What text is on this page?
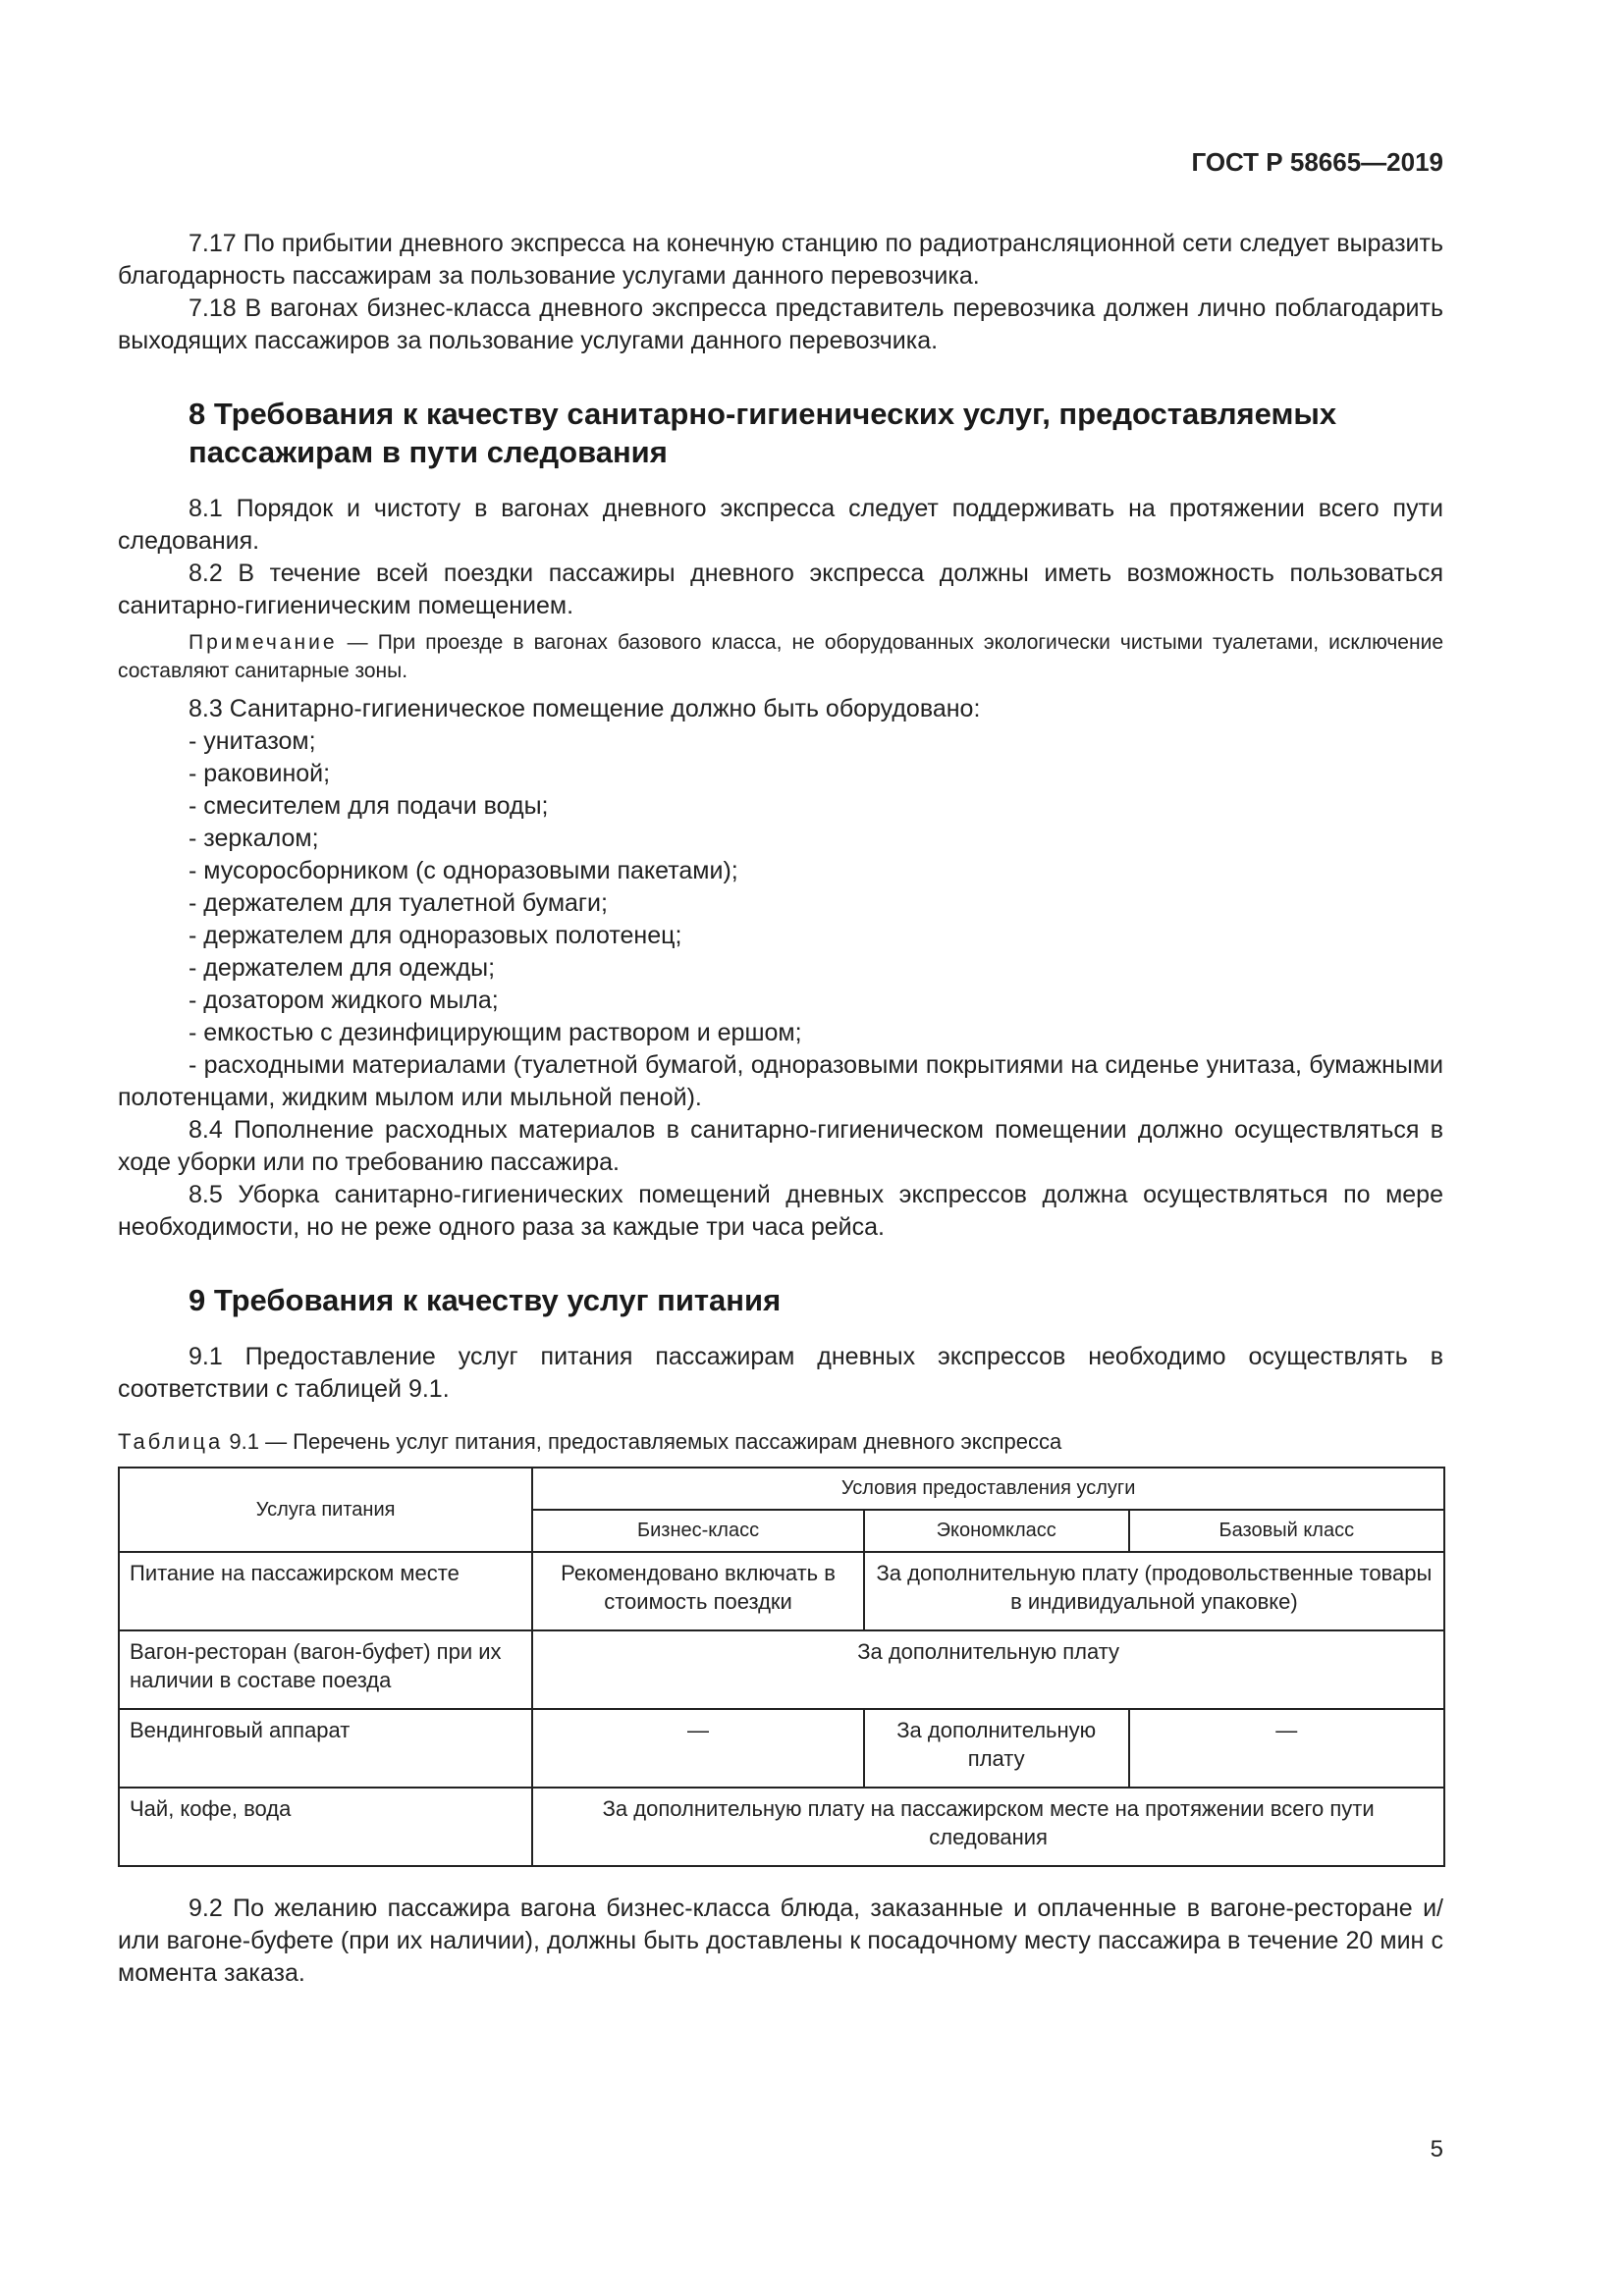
ГОСТ Р 58665—2019

7.17 По прибытии дневного экспресса на конечную станцию по радиотрансляционной сети следует выразить благодарность пассажирам за пользование услугами данного перевозчика.

7.18 В вагонах бизнес-класса дневного экспресса представитель перевозчика должен лично поблагодарить выходящих пассажиров за пользование услугами данного перевозчика.

8 Требования к качеству санитарно-гигиенических услуг, предоставляемых пассажирам в пути следования

8.1 Порядок и чистоту в вагонах дневного экспресса следует поддерживать на протяжении всего пути следования.

8.2 В течение всей поездки пассажиры дневного экспресса должны иметь возможность пользоваться санитарно-гигиеническим помещением.

Примечание — При проезде в вагонах базового класса, не оборудованных экологически чистыми туалетами, исключение составляют санитарные зоны.

8.3 Санитарно-гигиеническое помещение должно быть оборудовано:

- унитазом;

- раковиной;

- смесителем для подачи воды;

- зеркалом;

- мусоросборником (с одноразовыми пакетами);

- держателем для туалетной бумаги;

- держателем для одноразовых полотенец;

- держателем для одежды;

- дозатором жидкого мыла;

- емкостью с дезинфицирующим раствором и ершом;

- расходными материалами (туалетной бумагой, одноразовыми покрытиями на сиденье унитаза, бумажными полотенцами, жидким мылом или мыльной пеной).

8.4 Пополнение расходных материалов в санитарно-гигиеническом помещении должно осуществляться в ходе уборки или по требованию пассажира.

8.5 Уборка санитарно-гигиенических помещений дневных экспрессов должна осуществляться по мере необходимости, но не реже одного раза за каждые три часа рейса.

9 Требования к качеству услуг питания

9.1 Предоставление услуг питания пассажирам дневных экспрессов необходимо осуществлять в соответствии с таблицей 9.1.

Таблица 9.1 — Перечень услуг питания, предоставляемых пассажирам дневного экспресса

Услуга питания	Условия предоставления услуги		
	Бизнес-класс	Экономкласс	Базовый класс
Питание на пассажирском месте	Рекомендовано включать в стоимость поездки	За дополнительную плату (продовольственные товары в индивидуальной упаковке)	
Вагон-ресторан (вагон-буфет) при их наличии в составе поезда	За дополнительную плату		
Вендинговый аппарат	—	За дополнительную плату	—
Чай, кофе, вода	За дополнительную плату на пассажирском месте на протяжении всего пути следования		

9.2 По желанию пассажира вагона бизнес-класса блюда, заказанные и оплаченные в вагоне-ресторане и/или вагоне-буфете (при их наличии), должны быть доставлены к посадочному месту пассажира в течение 20 мин с момента заказа.

5
